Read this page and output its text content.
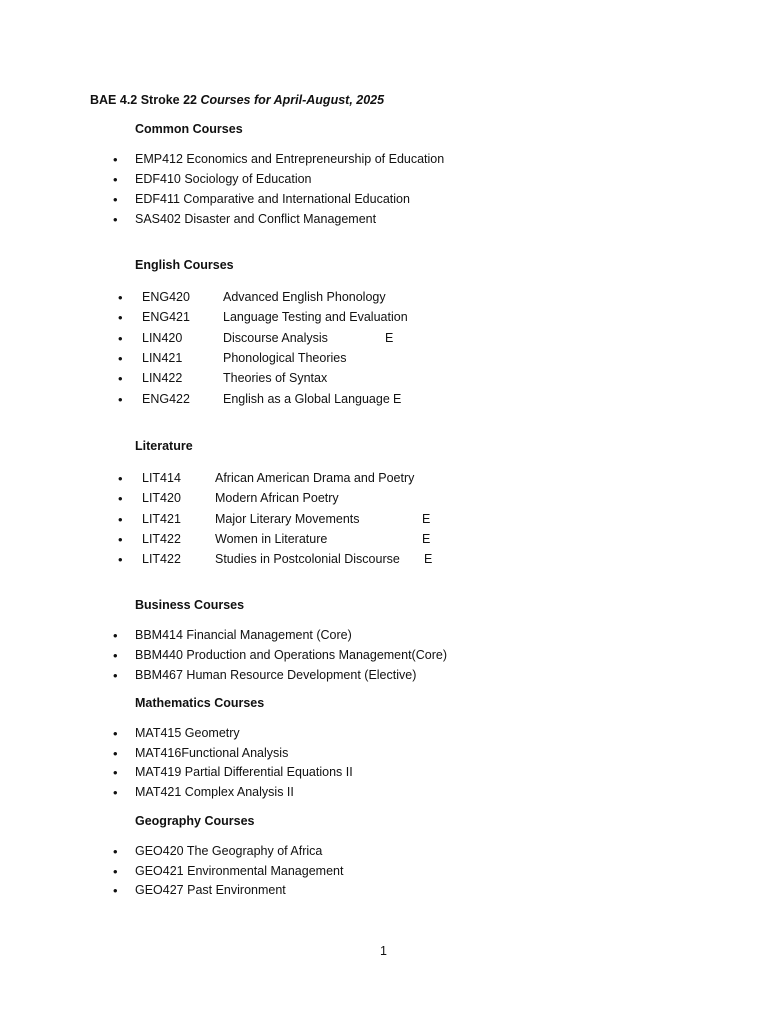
BAE 4.2 Stroke 22 Courses for April-August, 2025
Common Courses
• EMP412 Economics and Entrepreneurship of Education
• EDF410 Sociology of Education
• EDF411 Comparative and International Education
• SAS402 Disaster and Conflict Management
English Courses
• ENG420	Advanced English Phonology
• ENG421	Language Testing and Evaluation
• LIN420	Discourse Analysis	E
• LIN421	Phonological Theories
• LIN422	Theories of Syntax
• ENG422	English as a Global Language E
Literature
• LIT414	African American Drama and Poetry
• LIT420	Modern African Poetry
• LIT421	Major Literary Movements	E
• LIT422	Women in Literature	E
• LIT422	Studies in Postcolonial Discourse E
Business Courses
• BBM414 Financial Management (Core)
• BBM440 Production and Operations Management(Core)
• BBM467 Human Resource Development (Elective)
Mathematics Courses
• MAT415 Geometry
• MAT416Functional Analysis
• MAT419 Partial Differential Equations II
• MAT421 Complex Analysis II
Geography Courses
• GEO420 The Geography of Africa
• GEO421 Environmental Management
• GEO427 Past Environment
1
